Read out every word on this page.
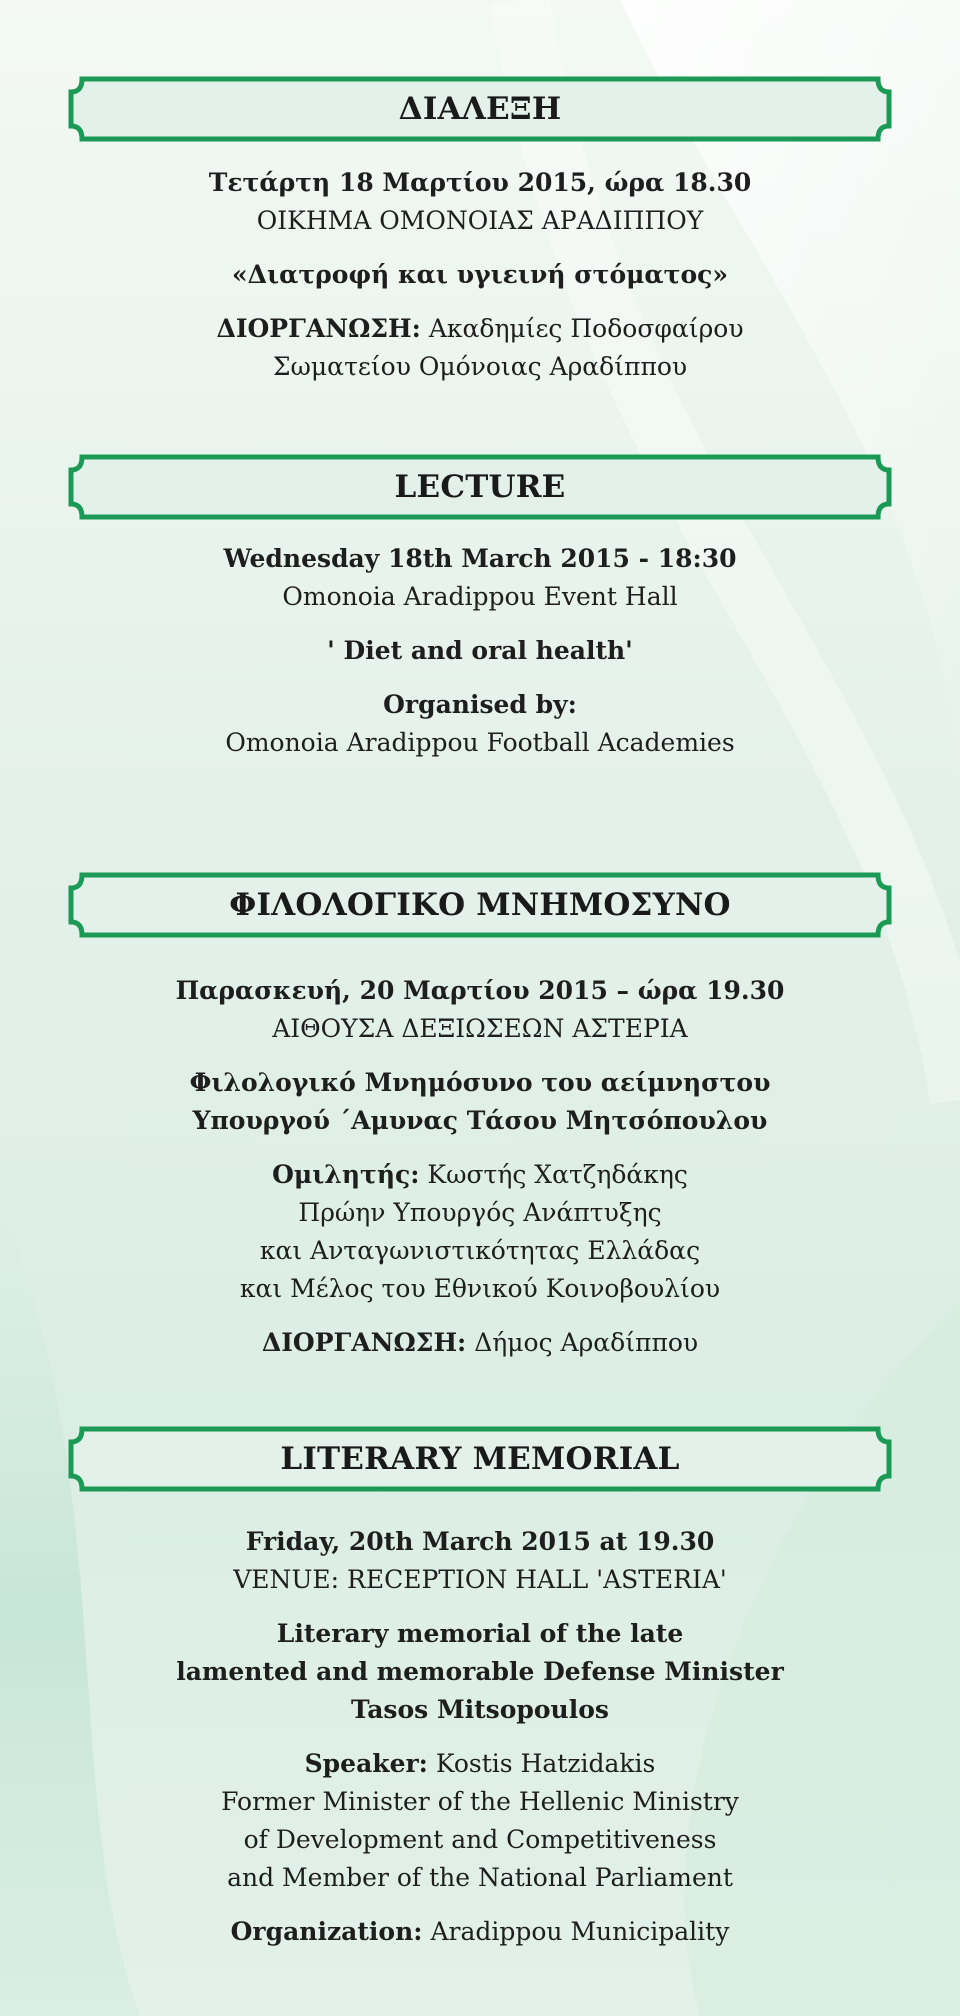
ΔΙΑΛΕΞΗ

Τετάρτη 18 Μαρτίου 2015, ώρα 18.30

ΟΙΚΗΜΑ ΟΜΟΝΟΙΑΣ ΑΡΑΔΙΠΠΟΥ

«Διατροφή και υγιεινή στόματος»

ΔΙΟΡΓΑΝΩΣΗ: Ακαδημίες Ποδοσφαίρου

Σωματείου Ομόνοιας Αραδίππου

LECTURE

Wednesday 18th March 2015 - 18:30

Omonoia Aradippou Event Hall

' Diet and oral health'

Organised by:

Omonoia Aradippou Football Academies

ΦΙΛΟΛΟΓΙΚΟ ΜΝΗΜΟΣΥΝΟ

Παρασκευή, 20 Μαρτίου 2015 – ώρα 19.30

ΑΙΘΟΥΣΑ ΔΕΞΙΩΣΕΩΝ ΑΣΤΕΡΙΑ

Φιλολογικό Μνημόσυνο του αείμνηστου

Υπουργού ΄Αμυνας Τάσου Μητσόπουλου

Ομιλητής: Κωστής Χατζηδάκης

Πρώην Υπουργός Ανάπτυξης

και Ανταγωνιστικότητας Ελλάδας

και Μέλος του Εθνικού Κοινοβουλίου

ΔΙΟΡΓΑΝΩΣΗ: Δήμος Αραδίππου

LITERARY MEMORIAL

Friday, 20th March 2015 at 19.30

VENUE: RECEPTION HALL 'ASTERIA'

Literary memorial of the late

lamented and memorable Defense Minister

Tasos Mitsopoulos

Speaker: Kostis Hatzidakis

Former Minister of the Hellenic Ministry

of Development and Competitiveness

and Member of the National Parliament

Organization: Aradippou Municipality
